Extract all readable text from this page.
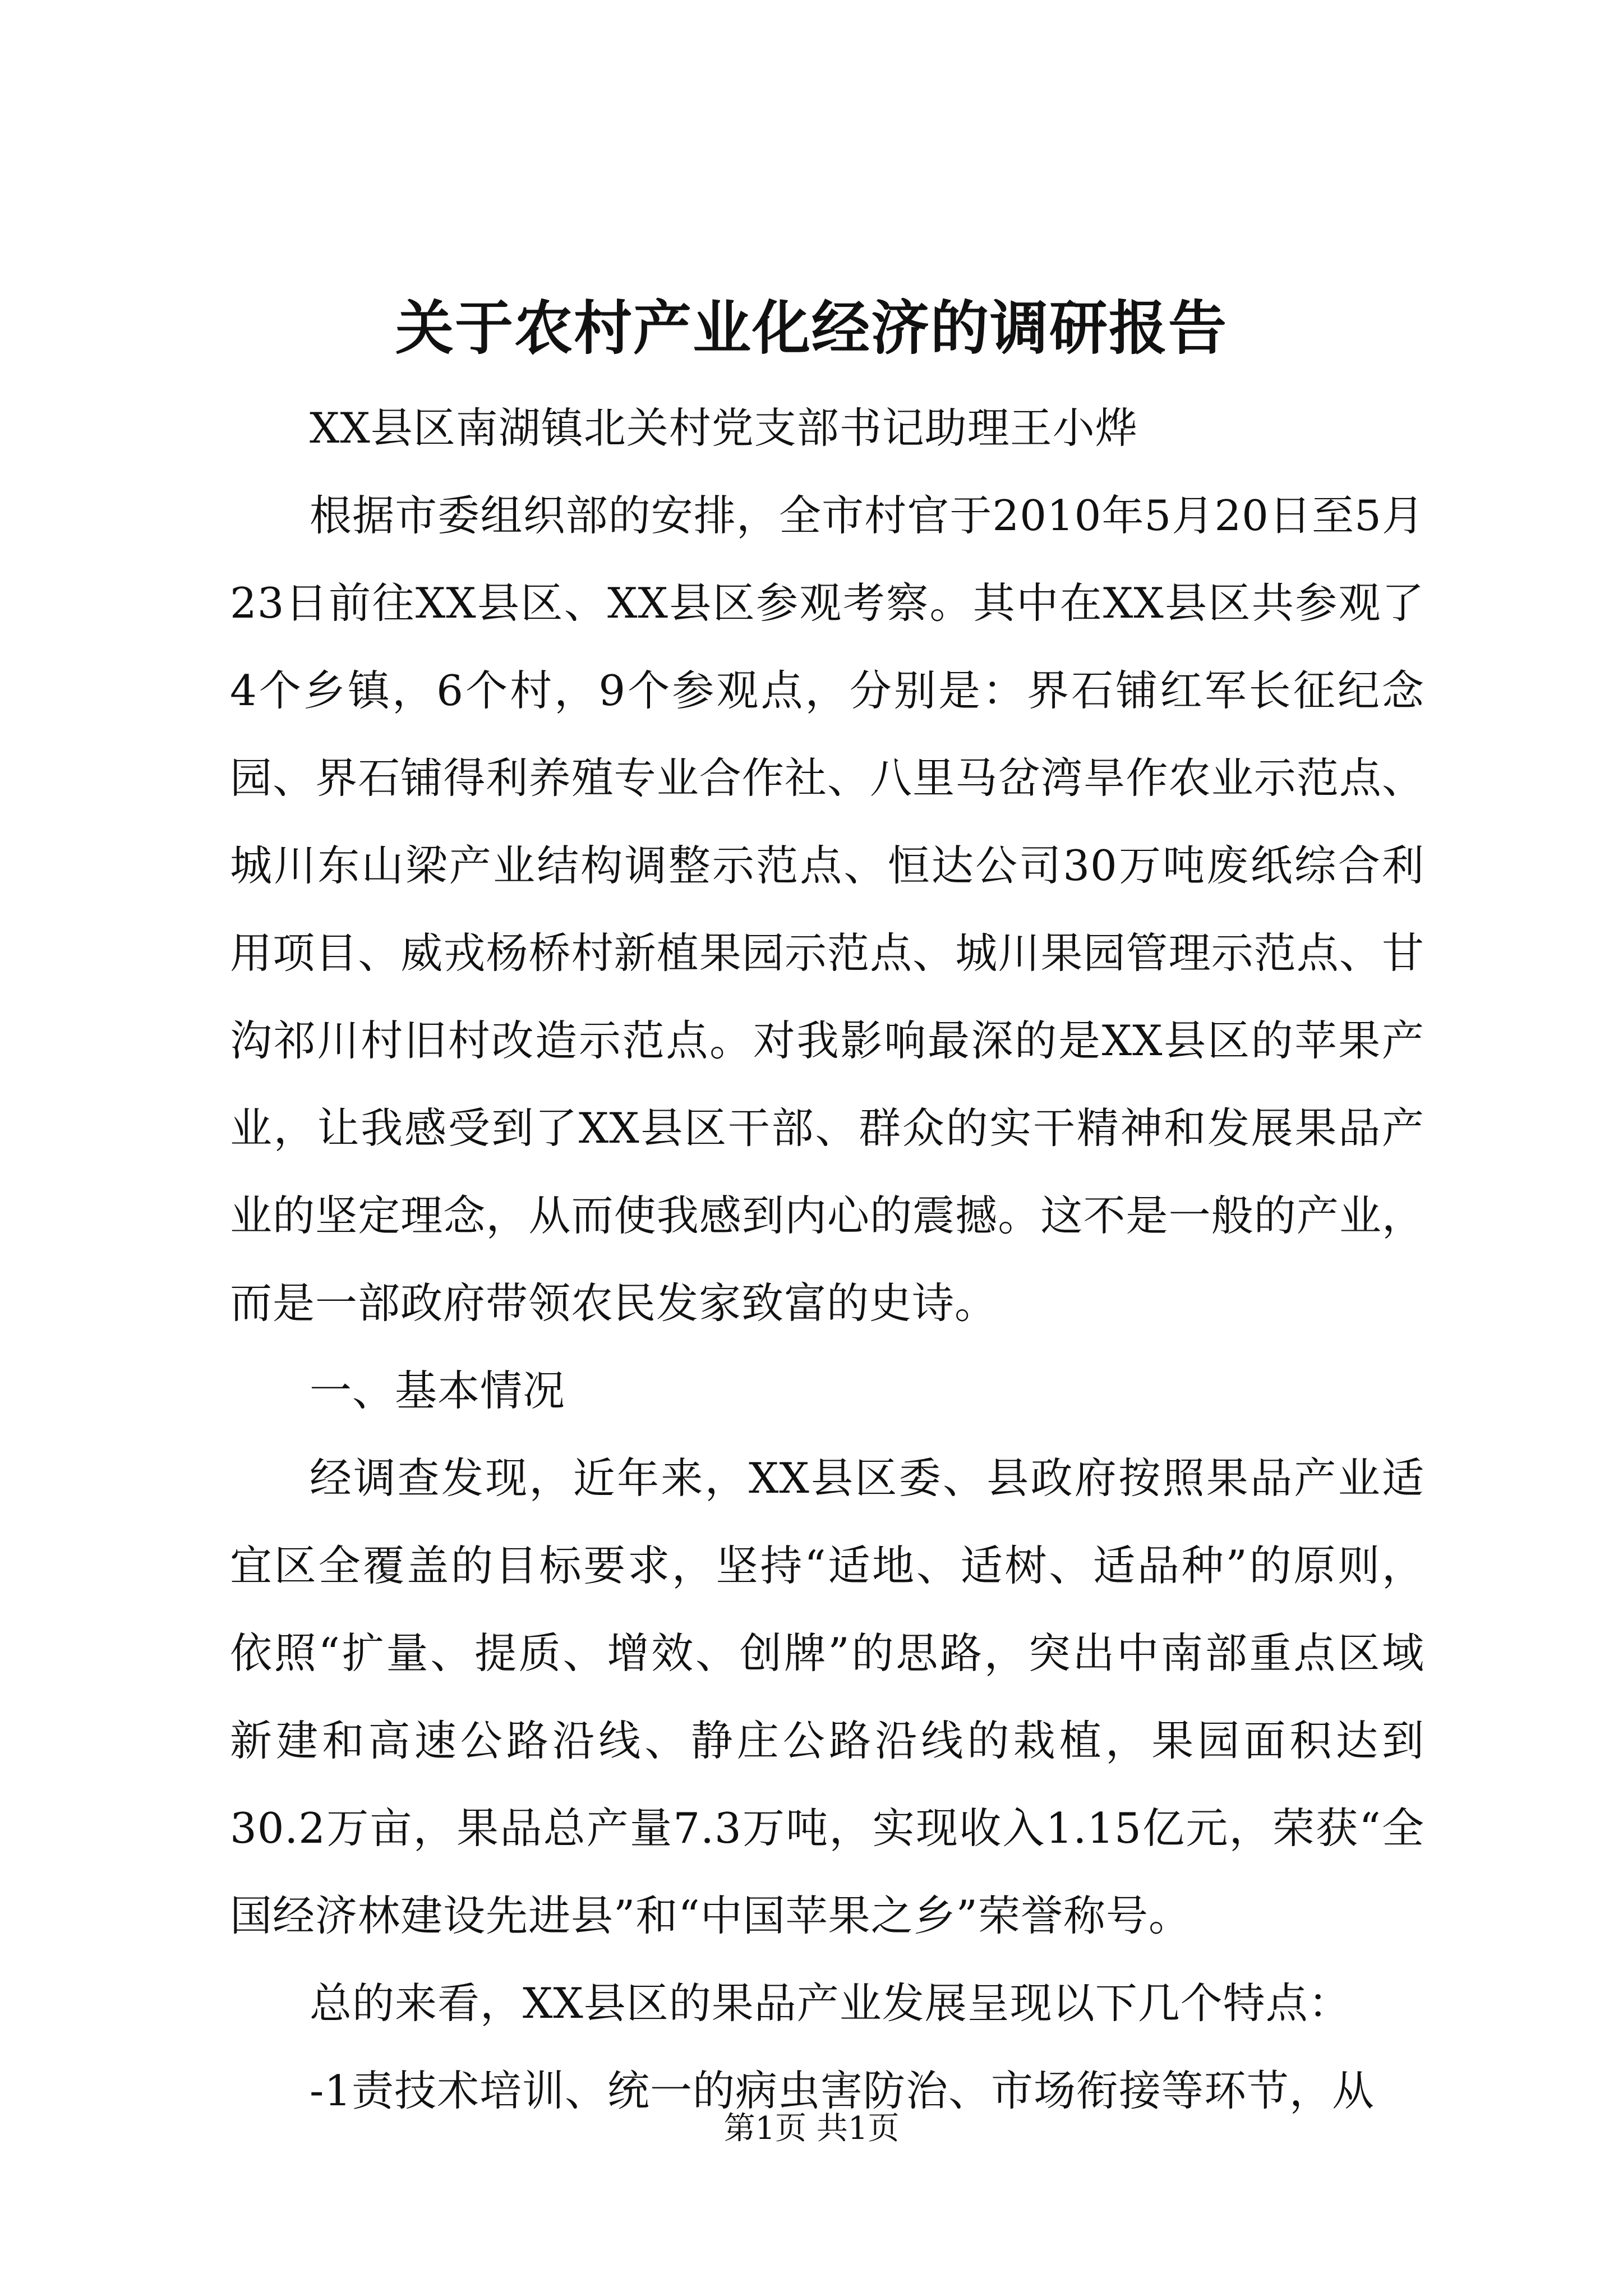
关于农村产业化经济的调研报告

XX县区南湖镇北关村党支部书记助理王小烨

根据市委组织部的安排，全市村官于2010年5月20日至5月23日前往XX县区、XX县区参观考察。其中在XX县区共参观了4个乡镇，6个村，9个参观点，分别是：界石铺红军长征纪念园、界石铺得利养殖专业合作社、八里马岔湾旱作农业示范点、城川东山梁产业结构调整示范点、恒达公司30万吨废纸综合利用项目、威戎杨桥村新植果园示范点、城川果园管理示范点、甘沟祁川村旧村改造示范点。对我影响最深的是XX县区的苹果产业，让我感受到了XX县区干部、群众的实干精神和发展果品产业的坚定理念，从而使我感到内心的震撼。这不是一般的产业，而是一部政府带领农民发家致富的史诗。

一、基本情况

经调查发现，近年来，XX县区委、县政府按照果品产业适宜区全覆盖的目标要求，坚持“适地、适树、适品种”的原则，依照“扩量、提质、增效、创牌”的思路，突出中南部重点区域新建和高速公路沿线、静庄公路沿线的栽植，果园面积达到30.2万亩，果品总产量7.3万吨，实现收入1.15亿元，荣获“全国经济林建设先进县”和“中国苹果之乡”荣誉称号。

总的来看，XX县区的果品产业发展呈现以下几个特点：

-1责技术培训、统一的病虫害防治、市场衔接等环节，从

第1页 共1页
